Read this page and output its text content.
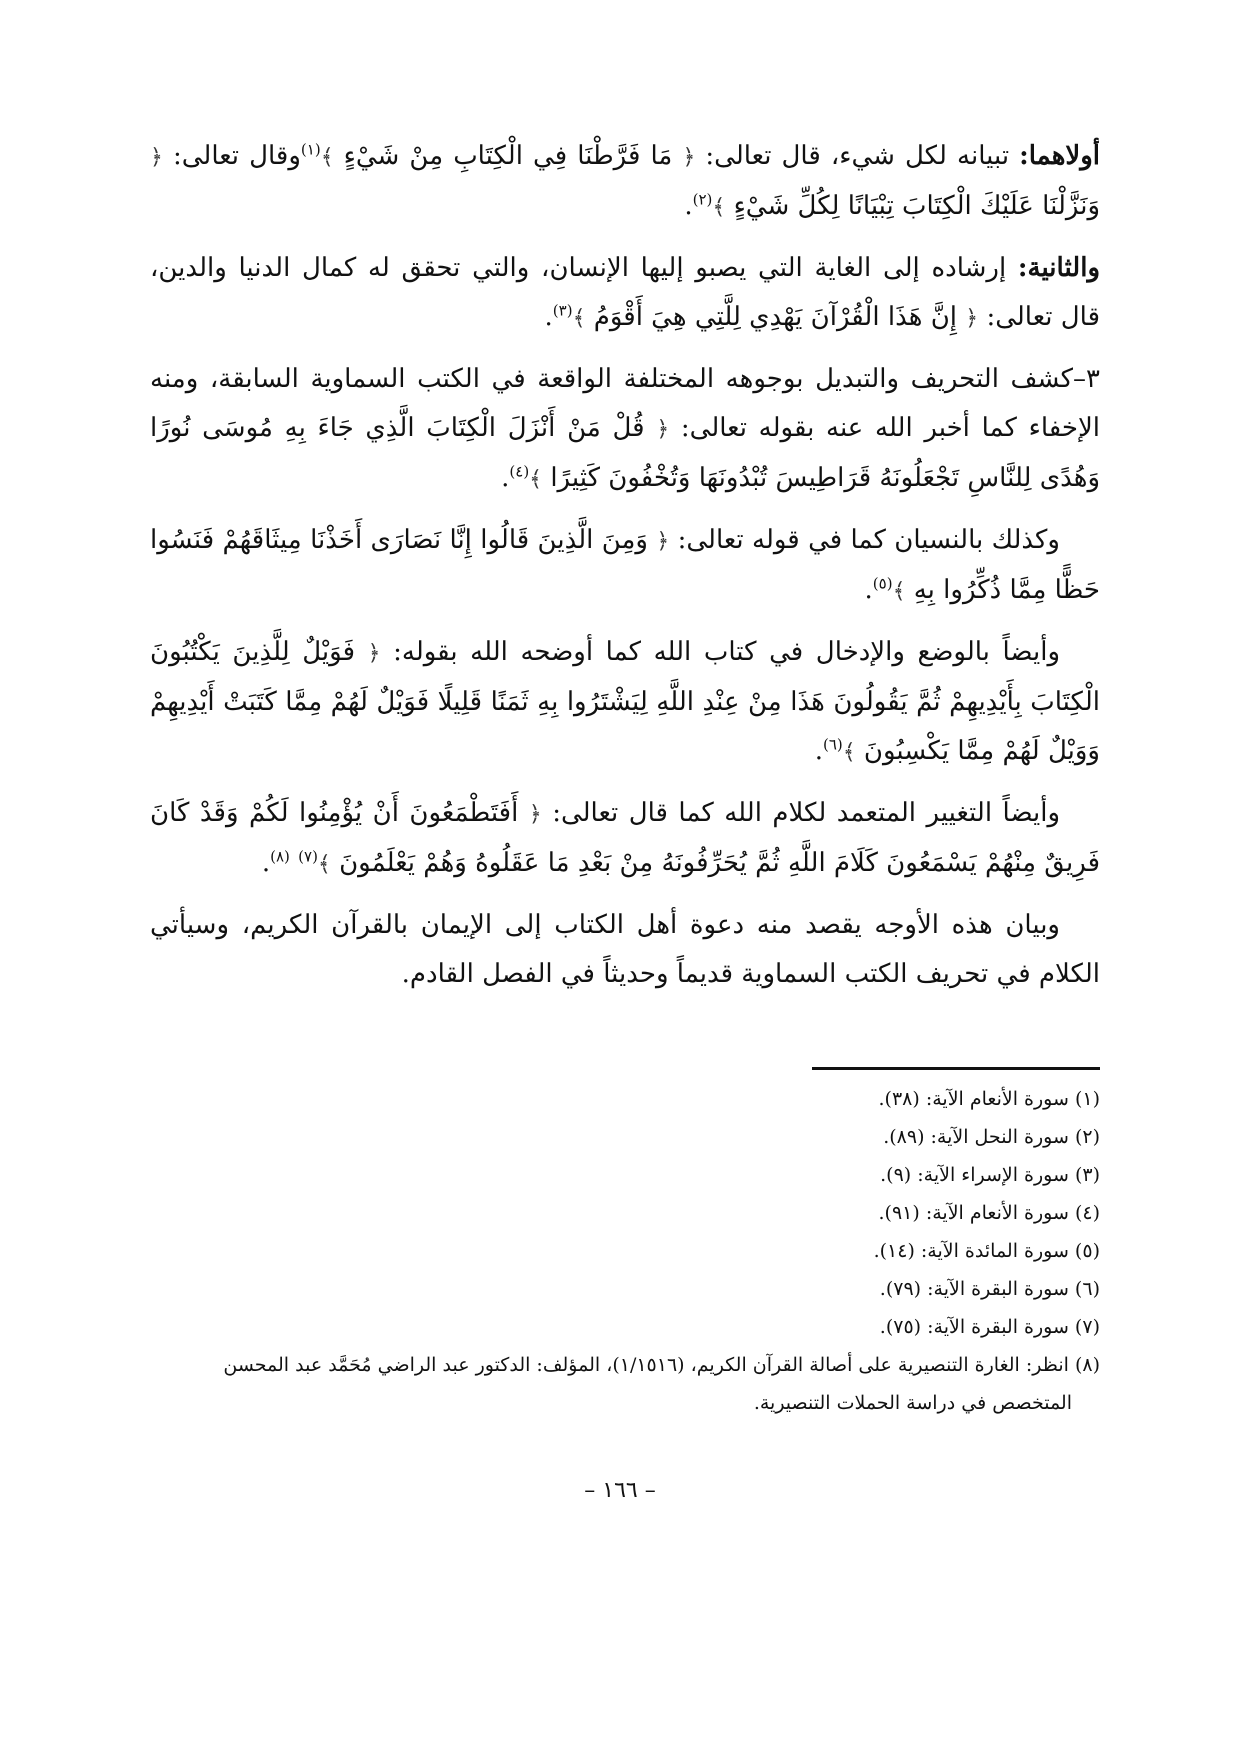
أولاهما: تبيانه لكل شيء، قال تعالى: ﴿ مَا فَرَّطْنَا فِي الْكِتَابِ مِنْ شَيْءٍ ﴾$^{(١)}$وقال تعالى: ﴿ وَنَزَّلْنَا عَلَيْكَ الْكِتَابَ تِبْيَانًا لِكُلِّ شَيْءٍ ﴾$^{(٢)}$.

والثانية: إرشاده إلى الغاية التي يصبو إليها الإنسان، والتي تحقق له كمال الدنيا والدين، قال تعالى: ﴿ إِنَّ هَذَا الْقُرْآنَ يَهْدِي لِلَّتِي هِيَ أَقْوَمُ ﴾$^{(٣)}$.

٣–كشف التحريف والتبديل بوجوهه المختلفة الواقعة في الكتب السماوية السابقة، ومنه الإخفاء كما أخبر الله عنه بقوله تعالى: ﴿ قُلْ مَنْ أَنْزَلَ الْكِتَابَ الَّذِي جَاءَ بِهِ مُوسَى نُورًا وَهُدًى لِلنَّاسِ تَجْعَلُونَهُ قَرَاطِيسَ تُبْدُونَهَا وَتُخْفُونَ كَثِيرًا ﴾$^{(٤)}$.

وكذلك بالنسيان كما في قوله تعالى: ﴿ وَمِنَ الَّذِينَ قَالُوا إِنَّا نَصَارَى أَخَذْنَا مِيثَاقَهُمْ فَنَسُوا حَظًّا مِمَّا ذُكِّرُوا بِهِ ﴾$^{(٥)}$.

وأيضاً بالوضع والإدخال في كتاب الله كما أوضحه الله بقوله: ﴿ فَوَيْلٌ لِلَّذِينَ يَكْتُبُونَ الْكِتَابَ بِأَيْدِيهِمْ ثُمَّ يَقُولُونَ هَذَا مِنْ عِنْدِ اللَّهِ لِيَشْتَرُوا بِهِ ثَمَنًا قَلِيلًا فَوَيْلٌ لَهُمْ مِمَّا كَتَبَتْ أَيْدِيهِمْ وَوَيْلٌ لَهُمْ مِمَّا يَكْسِبُونَ ﴾$^{(٦)}$.

وأيضاً التغيير المتعمد لكلام الله كما قال تعالى: ﴿ أَفَتَطْمَعُونَ أَنْ يُؤْمِنُوا لَكُمْ وَقَدْ كَانَ فَرِيقٌ مِنْهُمْ يَسْمَعُونَ كَلَامَ اللَّهِ ثُمَّ يُحَرِّفُونَهُ مِنْ بَعْدِ مَا عَقَلُوهُ وَهُمْ يَعْلَمُونَ ﴾$^{(٧)}$ $^{(٨)}$.

وبيان هذه الأوجه يقصد منه دعوة أهل الكتاب إلى الإيمان بالقرآن الكريم، وسيأتي الكلام في تحريف الكتب السماوية قديماً وحديثاً في الفصل القادم.

(١) سورة الأنعام الآية: (٣٨).

(٢) سورة النحل الآية: (٨٩).

(٣) سورة الإسراء الآية: (٩).

(٤) سورة الأنعام الآية: (٩١).

(٥) سورة المائدة الآية: (١٤).

(٦) سورة البقرة الآية: (٧٩).

(٧) سورة البقرة الآية: (٧٥).

(٨) انظر: الغارة التنصيرية على أصالة القرآن الكريم، (١/١٥١٦)، المؤلف: الدكتور عبد الراضي مُحَمَّد عبد المحسن

المتخصص في دراسة الحملات التنصيرية.

– ١٦٦ –
